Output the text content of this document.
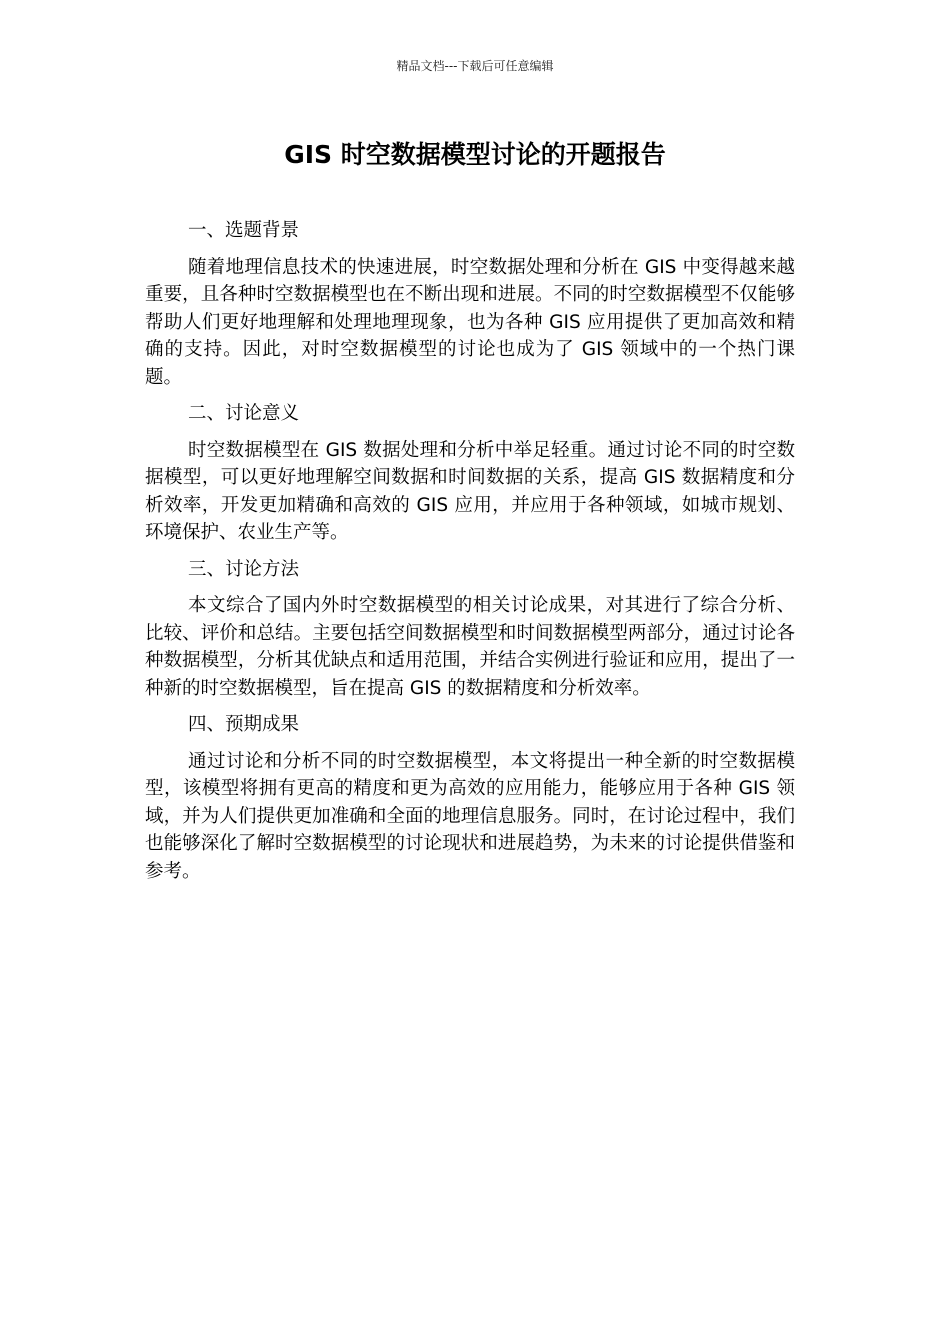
精品文档---下载后可任意编辑
GIS 时空数据模型讨论的开题报告
一、选题背景

随着地理信息技术的快速进展，时空数据处理和分析在 GIS 中变得越来越重要，且各种时空数据模型也在不断出现和进展。不同的时空数据模型不仅能够帮助人们更好地理解和处理地理现象，也为各种 GIS 应用提供了更加高效和精确的支持。因此，对时空数据模型的讨论也成为了 GIS 领域中的一个热门课题。

二、讨论意义

时空数据模型在 GIS 数据处理和分析中举足轻重。通过讨论不同的时空数据模型，可以更好地理解空间数据和时间数据的关系，提高 GIS 数据精度和分析效率，开发更加精确和高效的 GIS 应用，并应用于各种领域，如城市规划、环境保护、农业生产等。

三、讨论方法

本文综合了国内外时空数据模型的相关讨论成果，对其进行了综合分析、比较、评价和总结。主要包括空间数据模型和时间数据模型两部分，通过讨论各种数据模型，分析其优缺点和适用范围，并结合实例进行验证和应用，提出了一种新的时空数据模型，旨在提高 GIS 的数据精度和分析效率。

四、预期成果

通过讨论和分析不同的时空数据模型，本文将提出一种全新的时空数据模型，该模型将拥有更高的精度和更为高效的应用能力，能够应用于各种 GIS 领域，并为人们提供更加准确和全面的地理信息服务。同时，在讨论过程中，我们也能够深化了解时空数据模型的讨论现状和进展趋势，为未来的讨论提供借鉴和参考。
